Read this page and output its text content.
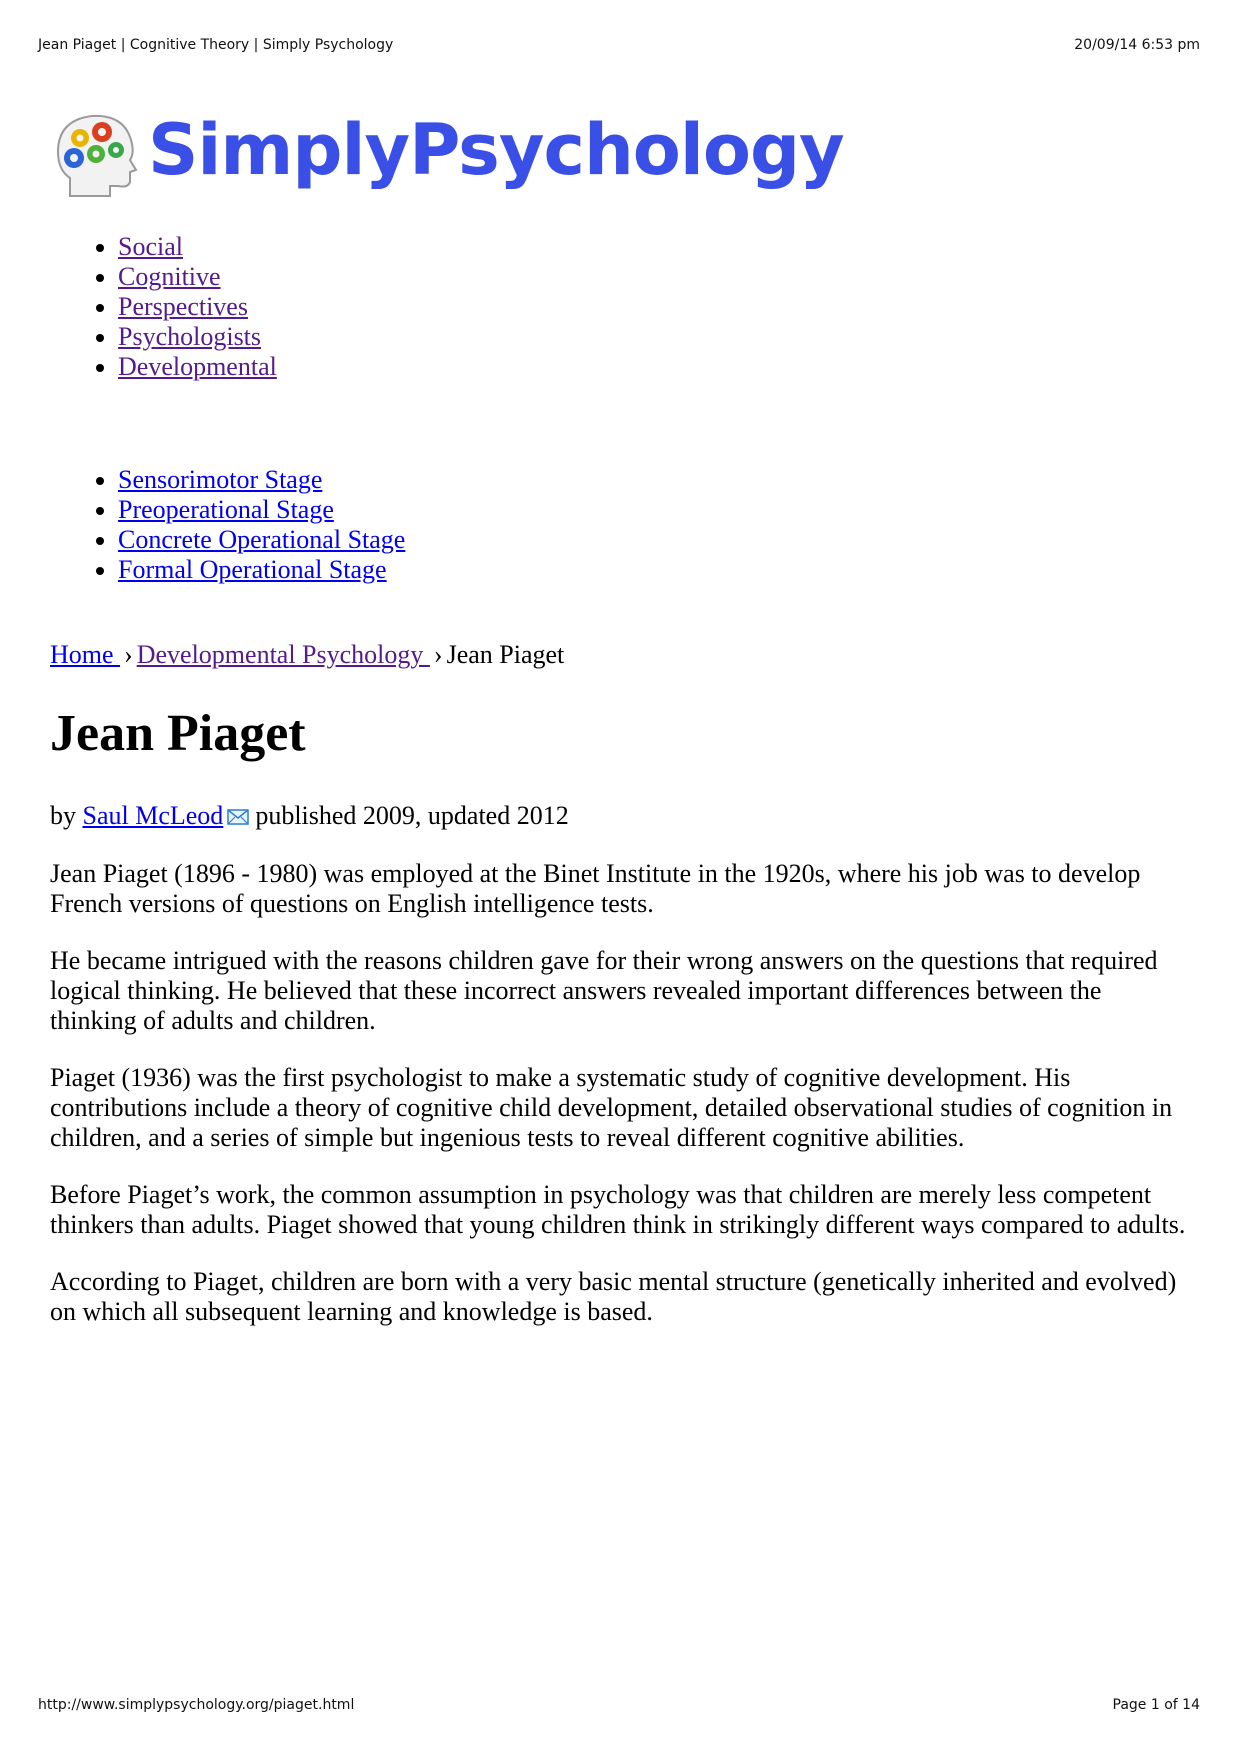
Jean Piaget | Cognitive Theory | Simply Psychology	20/09/14 6:53 pm
SimplyPsychology
• Social
• Cognitive
• Perspectives
• Psychologists
• Developmental
• Sensorimotor Stage
• Preoperational Stage
• Concrete Operational Stage
• Formal Operational Stage
Home › Developmental Psychology › Jean Piaget
Jean Piaget
by Saul McLeod published 2009, updated 2012

Jean Piaget (1896 - 1980) was employed at the Binet Institute in the 1920s, where his job was to develop French versions of questions on English intelligence tests.

He became intrigued with the reasons children gave for their wrong answers on the questions that required logical thinking. He believed that these incorrect answers revealed important differences between the thinking of adults and children.

Piaget (1936) was the first psychologist to make a systematic study of cognitive development. His contributions include a theory of cognitive child development, detailed observational studies of cognition in children, and a series of simple but ingenious tests to reveal different cognitive abilities.

Before Piaget’s work, the common assumption in psychology was that children are merely less competent thinkers than adults. Piaget showed that young children think in strikingly different ways compared to adults.

According to Piaget, children are born with a very basic mental structure (genetically inherited and evolved) on which all subsequent learning and knowledge is based.

http://www.simplypsychology.org/piaget.html	Page 1 of 14
